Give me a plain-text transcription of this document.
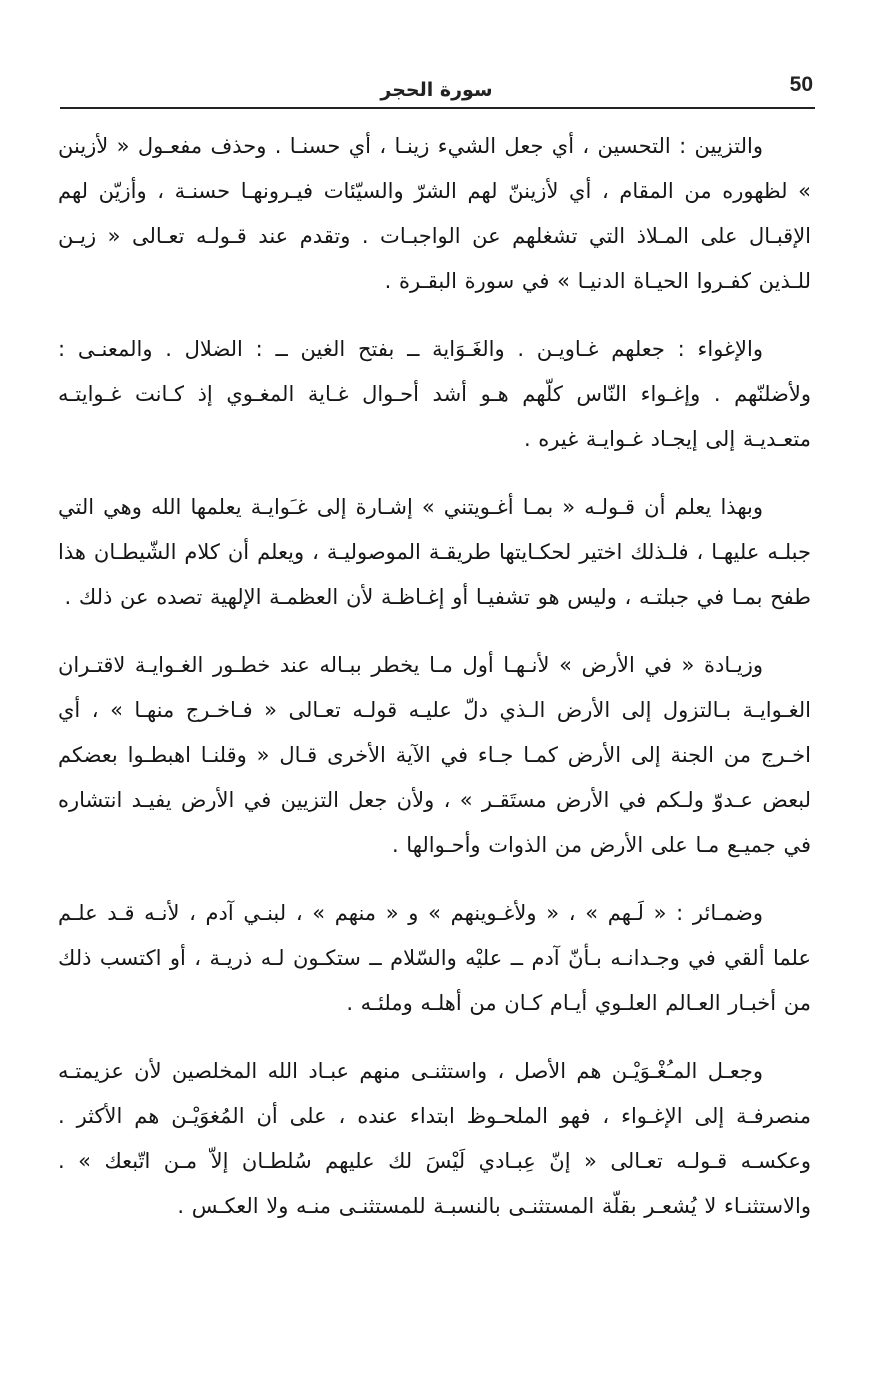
50
سورة الحجر

والتزيين : التحسين ، أي جعل الشيء زينـا ، أي حسنـا . وحذف مفعـول « لأزينن » لظهوره من المقام ، أي لأزيننّ لهم الشرّ والسيّئات فيـرونهـا حسنـة ، وأزيّن لهم الإقبـال على المـلاذ التي تشغلهم عن الواجبـات . وتقدم عند قـولـه تعـالى « زيـن للـذين كفـروا الحيـاة الدنيـا » في سورة البقـرة .

والإغواء : جعلهم غـاويـن . والغَـوَاية ــ بفتح الغين ــ : الضلال . والمعنـى : ولأضلنّهم . وإغـواء النّاس كلّهم هـو أشد أحـوال غـاية المغـوي إذ كـانت غـوايتـه متعـديـة إلى إيجـاد غـوايـة غيره .

وبهذا يعلم أن قـولـه « بمـا أغـويتني » إشـارة إلى غـَوايـة يعلمها الله وهي التي جبلـه عليهـا ، فلـذلك اختير لحكـايتها طريقـة الموصوليـة ، ويعلم أن كلام الشّيطـان هذا طفح بمـا في جبلتـه ، وليس هو تشفيـا أو إغـاظـة لأن العظمـة الإلهية تصده عن ذلك .

وزيـادة « في الأرض » لأنـهـا أول مـا يخطر ببـاله عند خطـور الغـوايـة لاقتـران الغـوايـة بـالتزول إلى الأرض الـذي دلّ عليـه قولـه تعـالى « فـاخـرج منهـا » ، أي اخـرج من الجنة إلى الأرض كمـا جـاء في الآية الأخرى قـال « وقلنـا اهبطـوا بعضكم لبعض عـدوّ ولـكم في الأرض مستَقـر » ، ولأن جعل التزيين في الأرض يفيـد انتشاره في جميـع مـا على الأرض من الذوات وأحـوالها .

وضمـائر : « لَـهم » ، « ولأغـوينهم » و « منهم » ، لبنـي آدم ، لأنـه قـد علـم علما ألقي في وجـدانـه بـأنّ آدم ــ عليْه والسّلام ــ ستكـون لـه ذريـة ، أو اكتسب ذلك من أخبـار العـالم العلـوي أيـام كـان من أهلـه وملئـه .

وجعـل المـُغْـوَيْـن هم الأصل ، واستثنـى منهم عبـاد الله المخلصين لأن عزيمتـه منصرفـة إلى الإغـواء ، فهو الملحـوظ ابتداء عنده ، على أن المُغوَيْـن هم الأكثر . وعكسـه قـولـه تعـالى « إنّ عِبـادي لَيْسَ لك عليهم سُلطـان إلاّ مـن اتّبعك » . والاستثنـاء لا يُشعـر بقلّة المستثنـى بالنسبـة للمستثنـى منـه ولا العكـس .
